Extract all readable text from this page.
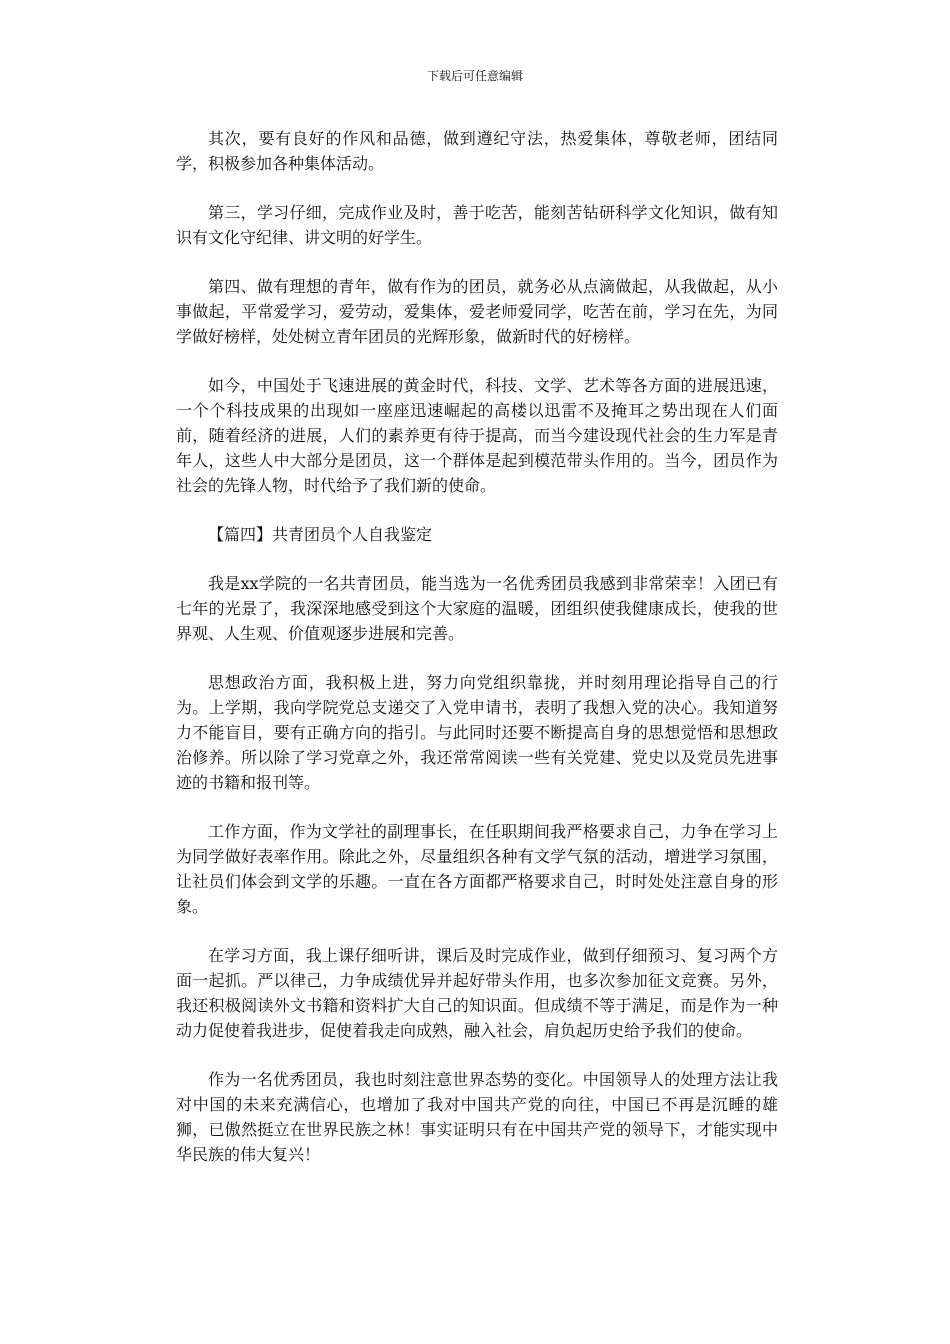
下载后可任意编辑

其次，要有良好的作风和品德，做到遵纪守法，热爱集体，尊敬老师，团结同学，积极参加各种集体活动。

第三，学习仔细，完成作业及时，善于吃苦，能刻苦钻研科学文化知识，做有知识有文化守纪律、讲文明的好学生。

第四、做有理想的青年，做有作为的团员，就务必从点滴做起，从我做起，从小事做起，平常爱学习，爱劳动，爱集体，爱老师爱同学，吃苦在前，学习在先，为同学做好榜样，处处树立青年团员的光辉形象，做新时代的好榜样。

如今，中国处于飞速进展的黄金时代，科技、文学、艺术等各方面的进展迅速，一个个科技成果的出现如一座座迅速崛起的高楼以迅雷不及掩耳之势出现在人们面前，随着经济的进展，人们的素养更有待于提高，而当今建设现代社会的生力军是青年人，这些人中大部分是团员，这一个群体是起到模范带头作用的。当今，团员作为社会的先锋人物，时代给予了我们新的使命。

【篇四】共青团员个人自我鉴定

我是xx学院的一名共青团员，能当选为一名优秀团员我感到非常荣幸！入团已有七年的光景了，我深深地感受到这个大家庭的温暖，团组织使我健康成长，使我的世界观、人生观、价值观逐步进展和完善。

思想政治方面，我积极上进，努力向党组织靠拢，并时刻用理论指导自己的行为。上学期，我向学院党总支递交了入党申请书，表明了我想入党的决心。我知道努力不能盲目，要有正确方向的指引。与此同时还要不断提高自身的思想觉悟和思想政治修养。所以除了学习党章之外，我还常常阅读一些有关党建、党史以及党员先进事迹的书籍和报刊等。

工作方面，作为文学社的副理事长，在任职期间我严格要求自己，力争在学习上为同学做好表率作用。除此之外，尽量组织各种有文学气氛的活动，增进学习氛围，让社员们体会到文学的乐趣。一直在各方面都严格要求自己，时时处处注意自身的形象。

在学习方面，我上课仔细听讲，课后及时完成作业，做到仔细预习、复习两个方面一起抓。严以律己，力争成绩优异并起好带头作用，也多次参加征文竞赛。另外，我还积极阅读外文书籍和资料扩大自己的知识面。但成绩不等于满足，而是作为一种动力促使着我进步，促使着我走向成熟，融入社会，肩负起历史给予我们的使命。

作为一名优秀团员，我也时刻注意世界态势的变化。中国领导人的处理方法让我对中国的未来充满信心，也增加了我对中国共产党的向往，中国已不再是沉睡的雄狮，已傲然挺立在世界民族之林！事实证明只有在中国共产党的领导下，才能实现中华民族的伟大复兴！
